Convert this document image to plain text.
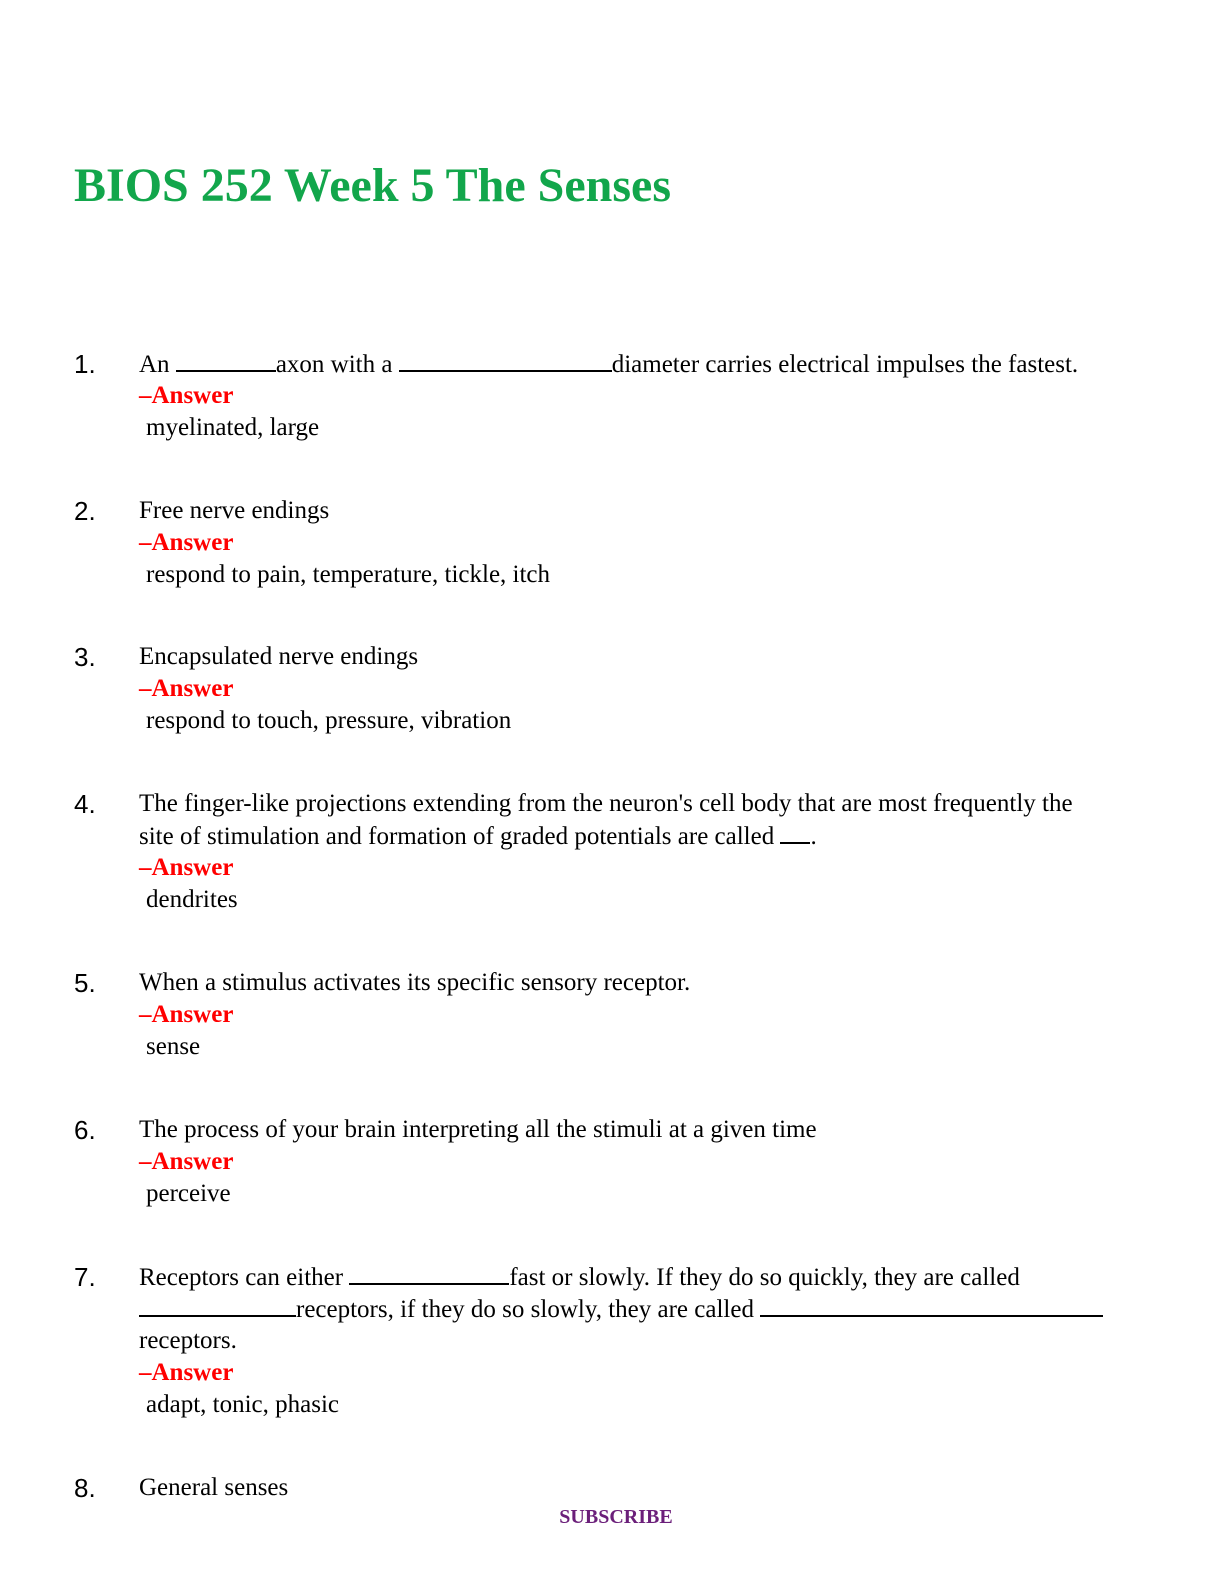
BIOS 252 Week 5 The Senses
1. An	axon with a	diameter carries electrical impulses the fastest.
–Answer
myelinated, large
2. Free nerve endings
–Answer
respond to pain, temperature, tickle, itch
3. Encapsulated nerve endings
–Answer
respond to touch, pressure, vibration
4. The finger-like projections extending from the neuron's cell body that are most frequently the
site of stimulation and formation of graded potentials are called .
–Answer
dendrites
5. When a stimulus activates its specific sensory receptor.
–Answer
sense
6. The process of your brain interpreting all the stimuli at a given time
–Answer
perceive
7. Receptors can either	fast or slowly. If they do so quickly, they are called
receptors, if they do so slowly, they are called
receptors.
–Answer
adapt, tonic, phasic
8. General senses
SUBSCRIBE
